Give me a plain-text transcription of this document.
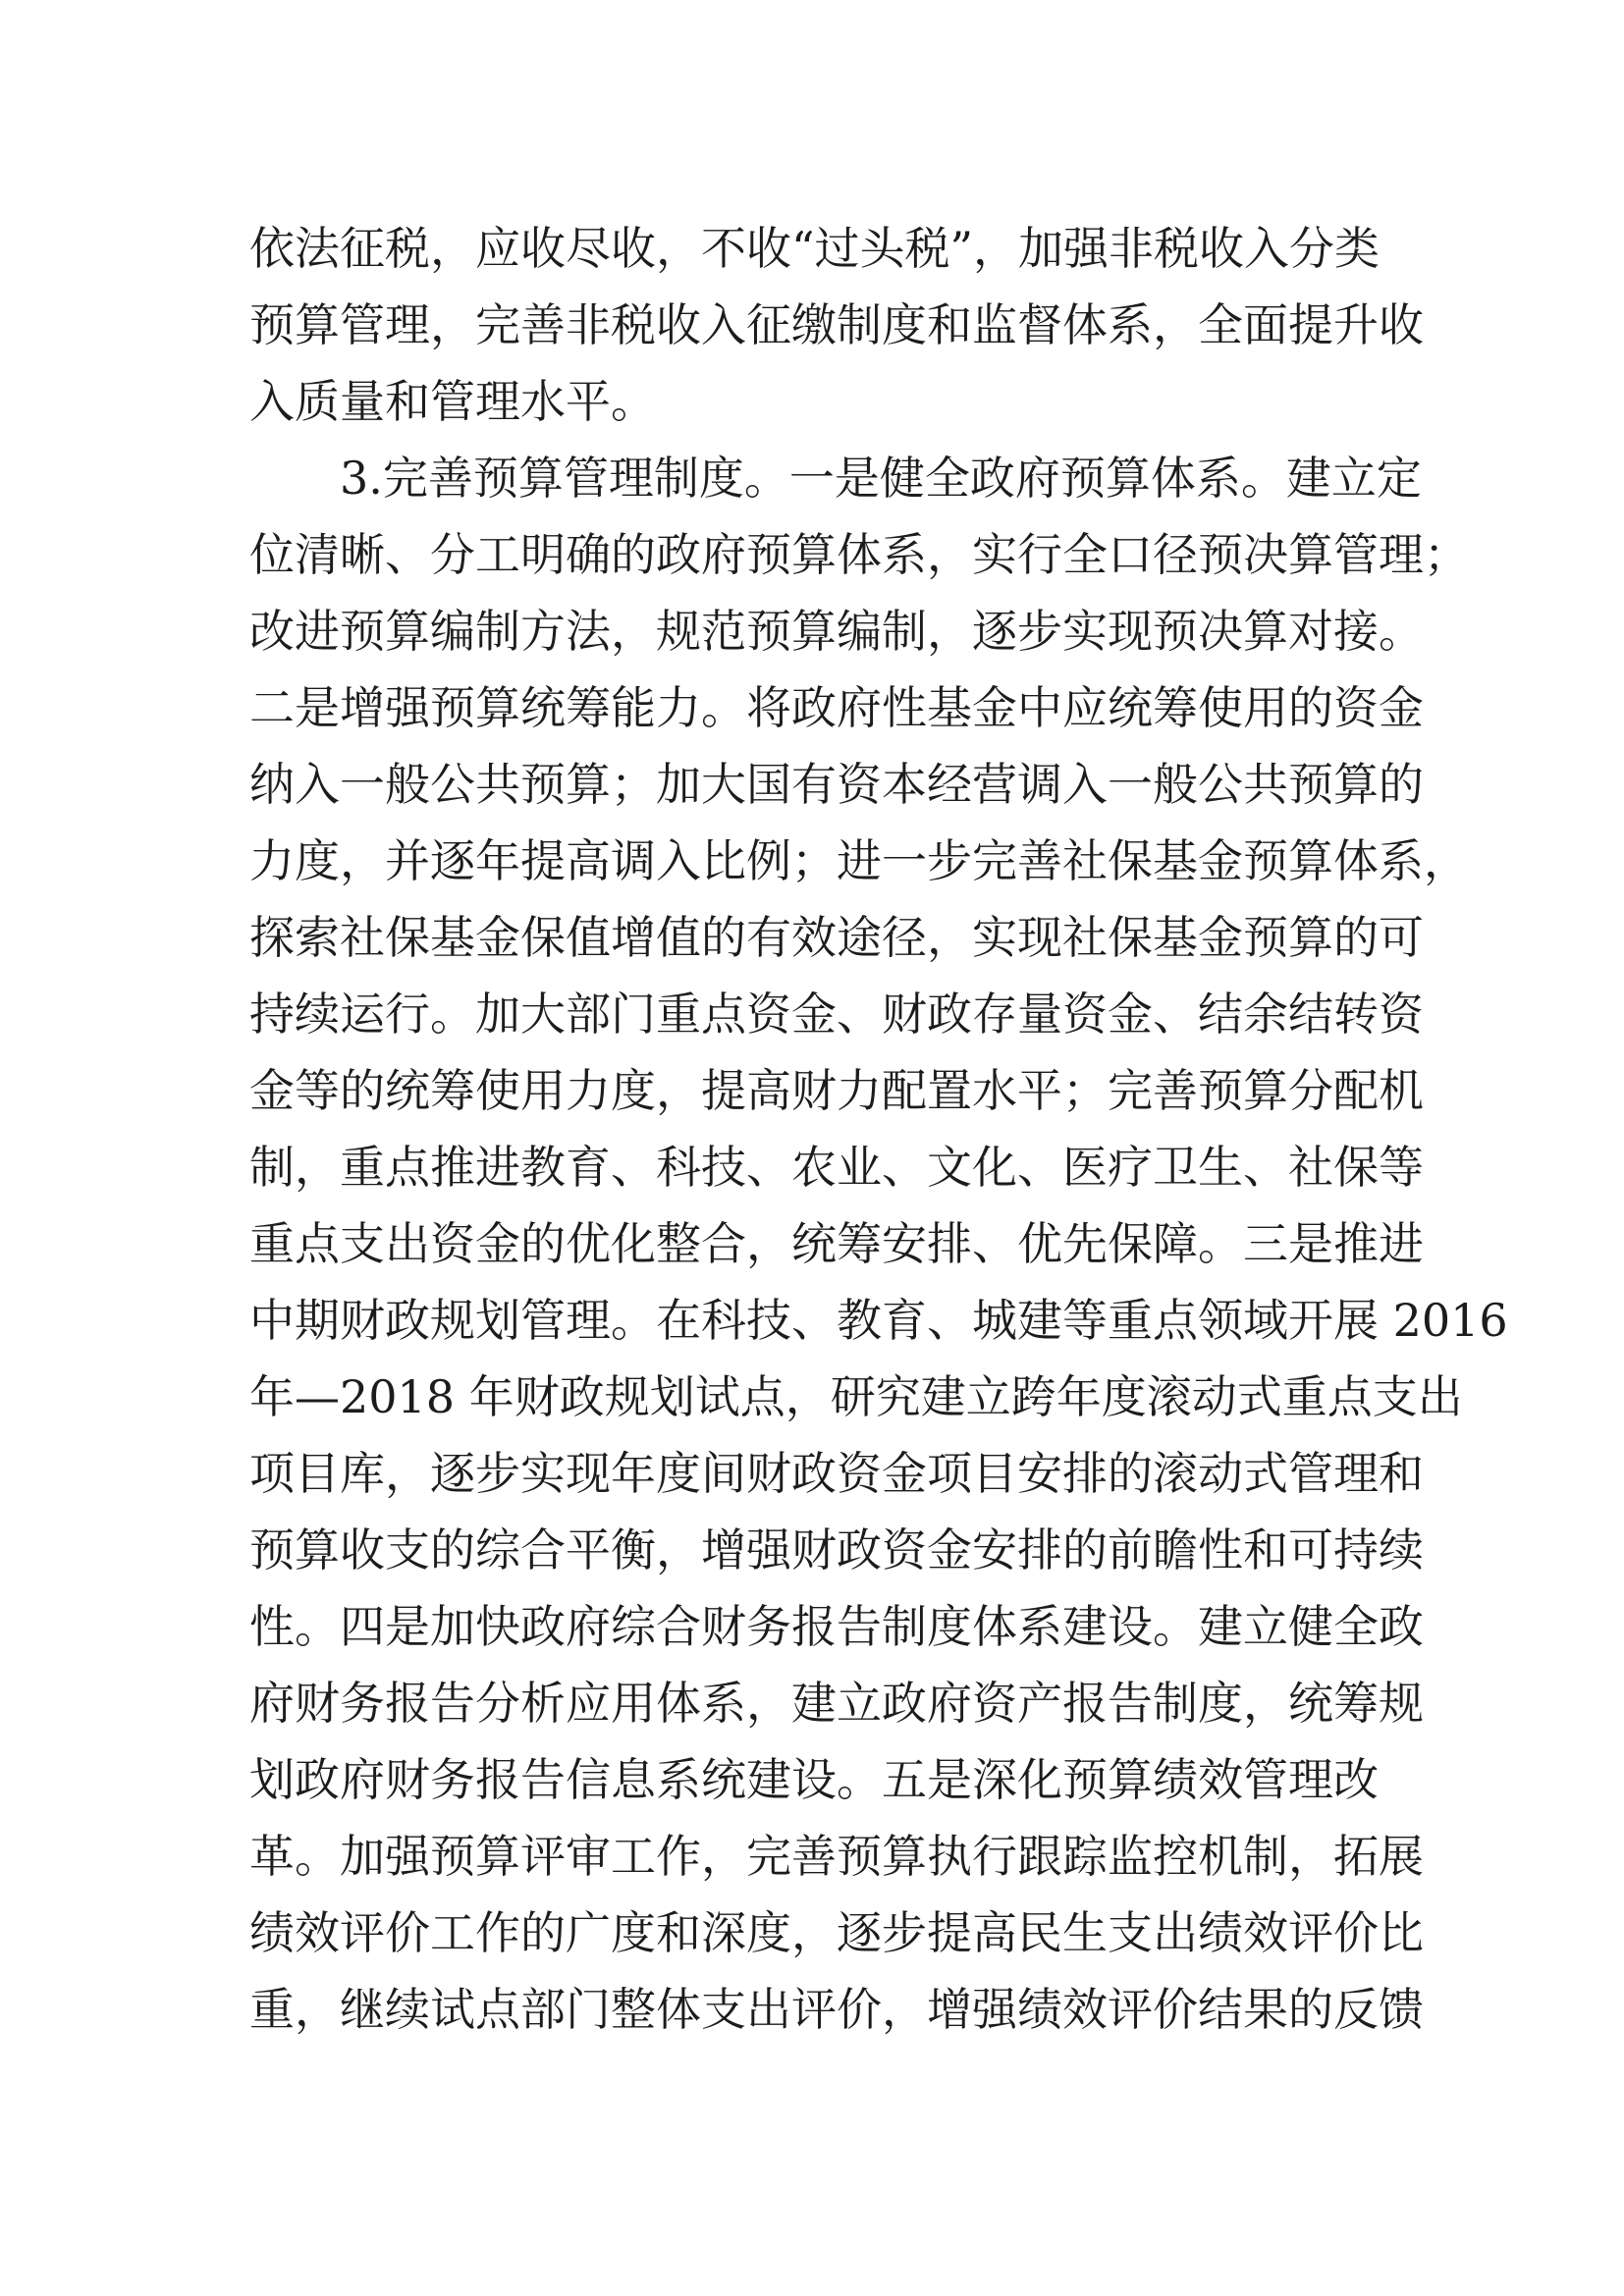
依法征税，应收尽收，不收“过头税”，加强非税收入分类
预算管理，完善非税收入征缴制度和监督体系，全面提升收
入质量和管理水平。
3.完善预算管理制度。一是健全政府预算体系。建立定
位清晰、分工明确的政府预算体系，实行全口径预决算管理；
改进预算编制方法，规范预算编制，逐步实现预决算对接。
二是增强预算统筹能力。将政府性基金中应统筹使用的资金
纳入一般公共预算；加大国有资本经营调入一般公共预算的
力度，并逐年提高调入比例；进一步完善社保基金预算体系，
探索社保基金保值增值的有效途径，实现社保基金预算的可
持续运行。加大部门重点资金、财政存量资金、结余结转资
金等的统筹使用力度，提高财力配置水平；完善预算分配机
制，重点推进教育、科技、农业、文化、医疗卫生、社保等
重点支出资金的优化整合，统筹安排、优先保障。三是推进
中期财政规划管理。在科技、教育、城建等重点领域开展 2016
年—2018 年财政规划试点，研究建立跨年度滚动式重点支出
项目库，逐步实现年度间财政资金项目安排的滚动式管理和
预算收支的综合平衡，增强财政资金安排的前瞻性和可持续
性。四是加快政府综合财务报告制度体系建设。建立健全政
府财务报告分析应用体系，建立政府资产报告制度，统筹规
划政府财务报告信息系统建设。五是深化预算绩效管理改
革。加强预算评审工作，完善预算执行跟踪监控机制，拓展
绩效评价工作的广度和深度，逐步提高民生支出绩效评价比
重，继续试点部门整体支出评价，增强绩效评价结果的反馈
